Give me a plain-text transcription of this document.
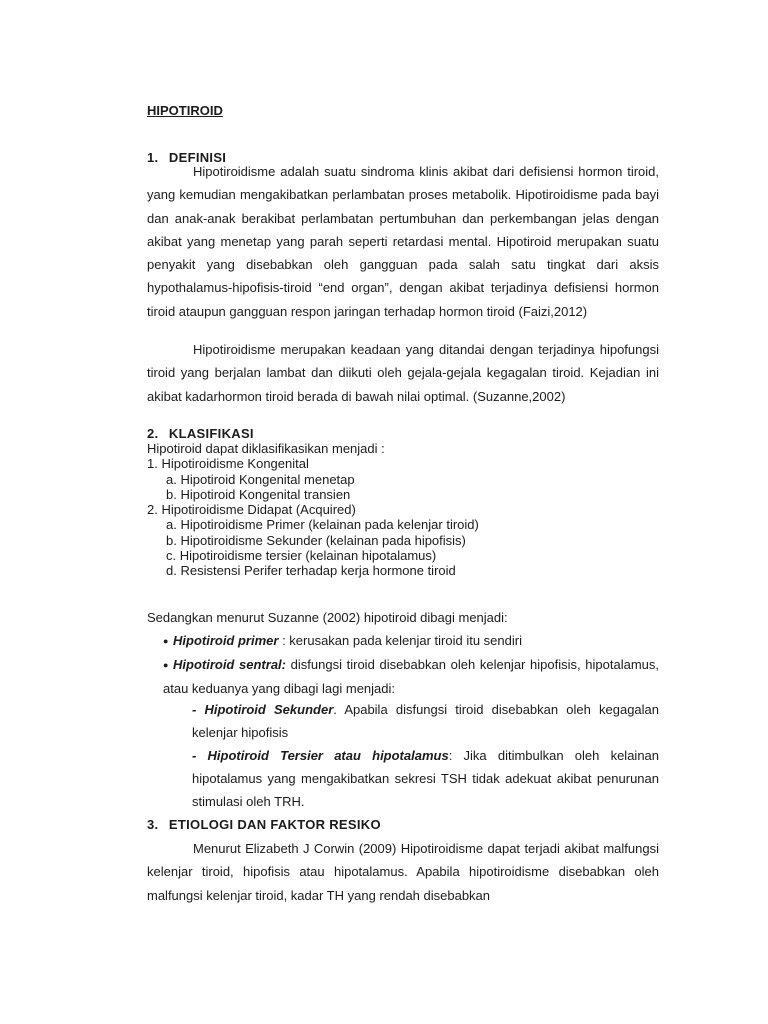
HIPOTIROID
1. DEFINISI

Hipotiroidisme adalah suatu sindroma klinis akibat dari defisiensi hormon tiroid, yang kemudian mengakibatkan perlambatan proses metabolik. Hipotiroidisme pada bayi dan anak-anak berakibat perlambatan pertumbuhan dan perkembangan jelas dengan akibat yang menetap yang parah seperti retardasi mental. Hipotiroid merupakan suatu penyakit yang disebabkan oleh gangguan pada salah satu tingkat dari aksis hypothalamus-hipofisis-tiroid “end organ”, dengan akibat terjadinya defisiensi hormon tiroid ataupun gangguan respon jaringan terhadap hormon tiroid (Faizi,2012)

Hipotiroidisme merupakan keadaan yang ditandai dengan terjadinya hipofungsi tiroid yang berjalan lambat dan diikuti oleh gejala-gejala kegagalan tiroid. Kejadian ini akibat kadarhormon tiroid berada di bawah nilai optimal. (Suzanne,2002)

2. KLASIFIKASI
Hipotiroid dapat diklasifikasikan menjadi :
1. Hipotiroidisme Kongenital
a. Hipotiroid Kongenital menetap
b. Hipotiroid Kongenital transien
2. Hipotiroidisme Didapat (Acquired)
a. Hipotiroidisme Primer (kelainan pada kelenjar tiroid)
b. Hipotiroidisme Sekunder (kelainan pada hipofisis)
c. Hipotiroidisme tersier (kelainan hipotalamus)
d. Resistensi Perifer terhadap kerja hormone tiroid
Sedangkan menurut Suzanne (2002) hipotiroid dibagi menjadi:
● Hipotiroid primer : kerusakan pada kelenjar tiroid itu sendiri
● Hipotiroid sentral: disfungsi tiroid disebabkan oleh kelenjar hipofisis, hipotalamus, atau keduanya yang dibagi lagi menjadi:
- Hipotiroid Sekunder. Apabila disfungsi tiroid disebabkan oleh kegagalan kelenjar hipofisis
- Hipotiroid Tersier atau hipotalamus: Jika ditimbulkan oleh kelainan hipotalamus yang mengakibatkan sekresi TSH tidak adekuat akibat penurunan stimulasi oleh TRH.
3. ETIOLOGI DAN FAKTOR RESIKO

Menurut Elizabeth J Corwin (2009) Hipotiroidisme dapat terjadi akibat malfungsi kelenjar tiroid, hipofisis atau hipotalamus. Apabila hipotiroidisme disebabkan oleh malfungsi kelenjar tiroid, kadar TH yang rendah disebabkan
